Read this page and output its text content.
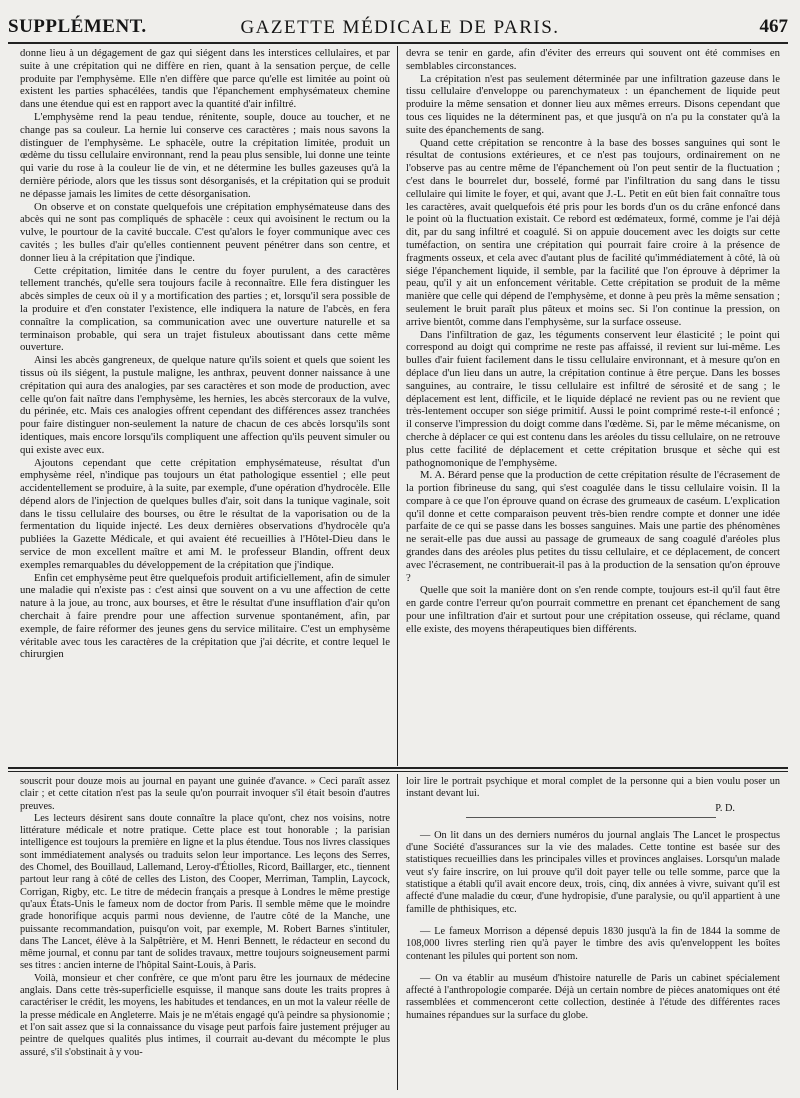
SUPPLÉMENT.	GAZETTE MÉDICALE DE PARIS.	467

donne lieu à un dégagement de gaz qui siégent dans les interstices cellulaires, et par suite à une crépitation qui ne diffère en rien, quant à la sensation perçue, de celle produite par l'emphysème. Elle n'en diffère que parce qu'elle est limitée au point où existent les parties sphacélées, tandis que l'épanchement emphysémateux chemine dans une étendue qui est en rapport avec la quantité d'air infiltré.

L'emphysème rend la peau tendue, rénitente, souple, douce au toucher, et ne change pas sa couleur. La hernie lui conserve ces caractères ; mais nous savons la distinguer de l'emphysème. Le sphacèle, outre la crépitation limitée, produit un œdème du tissu cellulaire environnant, rend la peau plus sensible, lui donne une teinte qui varie du rose à la couleur lie de vin, et ne détermine les bulles gazeuses qu'à la dernière période, alors que les tissus sont désorganisés, et la crépitation qui se produit ne dépasse jamais les limites de cette désorganisation.

On observe et on constate quelquefois une crépitation emphysémateuse dans des abcès qui ne sont pas compliqués de sphacèle : ceux qui avoisinent le rectum ou la vulve, le pourtour de la cavité buccale. C'est qu'alors le foyer communique avec ces cavités ; les bulles d'air qu'elles contiennent peuvent pénétrer dans son centre, et donner lieu à la crépitation que j'indique.

Cette crépitation, limitée dans le centre du foyer purulent, a des caractères tellement tranchés, qu'elle sera toujours facile à reconnaître. Elle fera distinguer les abcès simples de ceux où il y a mortification des parties ; et, lorsqu'il sera possible de la produire et d'en constater l'existence, elle indiquera la nature de l'abcès, en fera connaître la complication, sa communication avec une ouverture naturelle et sa terminaison probable, qui sera un trajet fistuleux aboutissant dans cette même ouverture.

Ainsi les abcès gangreneux, de quelque nature qu'ils soient et quels que soient les tissus où ils siégent, la pustule maligne, les anthrax, peuvent donner naissance à une crépitation qui aura des analogies, par ses caractères et son mode de production, avec celle qu'on fait naître dans l'emphysème, les hernies, les abcès stercoraux de la vulve, du périnée, etc. Mais ces analogies offrent cependant des différences assez tranchées pour faire distinguer non-seulement la nature de chacun de ces abcès lorsqu'ils sont identiques, mais encore lorsqu'ils compliquent une affection qu'ils peuvent simuler ou qui existe avec eux.

Ajoutons cependant que cette crépitation emphysémateuse, résultat d'un emphysème réel, n'indique pas toujours un état pathologique essentiel ; elle peut accidentellement se produire, à la suite, par exemple, d'une opération d'hydrocèle. Elle dépend alors de l'injection de quelques bulles d'air, soit dans la tunique vaginale, soit dans le tissu cellulaire des bourses, ou être le résultat de la vaporisation ou de la fermentation du liquide injecté. Les deux dernières observations d'hydrocèle qu'a publiées la Gazette Médicale, et qui avaient été recueillies à l'Hôtel-Dieu dans le service de mon excellent maître et ami M. le professeur Blandin, offrent deux exemples remarquables du développement de la crépitation que j'indique.

Enfin cet emphysème peut être quelquefois produit artificiellement, afin de simuler une maladie qui n'existe pas : c'est ainsi que souvent on a vu une affection de cette nature à la joue, au tronc, aux bourses, et être le résultat d'une insufflation d'air qu'on cherchait à faire prendre pour une affection survenue spontanément, afin, par exemple, de faire réformer des jeunes gens du service militaire. C'est un emphysème véritable avec tous les caractères de la crépitation que j'ai décrite, et contre lequel le chirurgien

devra se tenir en garde, afin d'éviter des erreurs qui souvent ont été commises en semblables circonstances.

La crépitation n'est pas seulement déterminée par une infiltration gazeuse dans le tissu cellulaire d'enveloppe ou parenchymateux : un épanchement de liquide peut produire la même sensation et donner lieu aux mêmes erreurs. Disons cependant que tous ces liquides ne la déterminent pas, et que jusqu'à on n'a pu la constater qu'à la suite des épanchements de sang.

Quand cette crépitation se rencontre à la base des bosses sanguines qui sont le résultat de contusions extérieures, et ce n'est pas toujours, ordinairement on ne l'observe pas au centre même de l'épanchement où l'on peut sentir de la fluctuation ; c'est dans le bourrelet dur, bosselé, formé par l'infiltration du sang dans le tissu cellulaire qui limite le foyer, et qui, avant que J.-L. Petit en eût bien fait connaître tous les caractères, avait quelquefois été pris pour les bords d'un os du crâne enfoncé dans le point où la fluctuation existait. Ce rebord est œdémateux, formé, comme je l'ai déjà dit, par du sang infiltré et coagulé. Si on appuie doucement avec les doigts sur cette tuméfaction, on sentira une crépitation qui pourrait faire croire à la présence de fragments osseux, et cela avec d'autant plus de facilité qu'immédiatement à côté, là où siége l'épanchement liquide, il semble, par la facilité que l'on éprouve à déprimer la peau, qu'il y ait un enfoncement véritable. Cette crépitation se produit de la même manière que celle qui dépend de l'emphysème, et donne à peu près la même sensation ; seulement le bruit paraît plus pâteux et moins sec. Si l'on continue la pression, on arrive bientôt, comme dans l'emphysème, sur la surface osseuse.

Dans l'infiltration de gaz, les téguments conservent leur élasticité ; le point qui correspond au doigt qui comprime ne reste pas affaissé, il revient sur lui-même. Les bulles d'air fuient facilement dans le tissu cellulaire environnant, et à mesure qu'on en déplace d'un lieu dans un autre, la crépitation continue à être perçue. Dans les bosses sanguines, au contraire, le tissu cellulaire est infiltré de sérosité et de sang ; le déplacement est lent, difficile, et le liquide déplacé ne revient pas ou ne revient que très-lentement occuper son siége primitif. Aussi le point comprimé reste-t-il enfoncé ; il conserve l'impression du doigt comme dans l'œdème. Si, par le même mécanisme, on cherche à déplacer ce qui est contenu dans les aréoles du tissu cellulaire, on ne retrouve plus cette facilité de déplacement et cette crépitation brusque et sèche qui est pathognomonique de l'emphysème.

M. A. Bérard pense que la production de cette crépitation résulte de l'écrasement de la portion fibrineuse du sang, qui s'est coagulée dans le tissu cellulaire voisin. Il la compare à ce que l'on éprouve quand on écrase des grumeaux de caséum. L'explication qu'il donne et cette comparaison peuvent très-bien rendre compte et donner une idée parfaite de ce qui se passe dans les bosses sanguines. Mais une partie des phénomènes ne serait-elle pas due aussi au passage de grumeaux de sang coagulé d'aréoles plus grandes dans des aréoles plus petites du tissu cellulaire, et ce déplacement, de concert avec l'écrasement, ne contribuerait-il pas à la production de la sensation qu'on éprouve ?

Quelle que soit la manière dont on s'en rende compte, toujours est-il qu'il faut être en garde contre l'erreur qu'on pourrait commettre en prenant cet épanchement de sang pour une infiltration d'air et surtout pour une crépitation osseuse, qui réclame, quand elle existe, des moyens thérapeutiques bien différents.

souscrit pour douze mois au journal en payant une guinée d'avance. » Ceci paraît assez clair ; et cette citation n'est pas la seule qu'on pourrait invoquer s'il était besoin d'autres preuves.

Les lecteurs désirent sans doute connaître la place qu'ont, chez nos voisins, notre littérature médicale et notre pratique. Cette place est tout honorable ; la parisian intelligence est toujours la première en ligne et la plus étendue. Tous nos livres classiques sont immédiatement analysés ou traduits selon leur importance. Les leçons des Serres, des Chomel, des Bouillaud, Lallemand, Leroy-d'Étiolles, Ricord, Baillarger, etc., tiennent partout leur rang à côté de celles des Liston, des Cooper, Merriman, Tamplin, Laycock, Corrigan, Rigby, etc. Le titre de médecin français a presque à Londres le même prestige qu'aux États-Unis le fameux nom de doctor from Paris. Il semble même que le moindre grade honorifique acquis parmi nous devienne, de l'autre côté de la Manche, une puissante recommandation, puisqu'on voit, par exemple, M. Robert Barnes s'intituler, dans The Lancet, élève à la Salpêtrière, et M. Henri Bennett, le rédacteur en second du même journal, et connu par tant de solides travaux, mettre toujours soigneusement parmi ses titres : ancien interne de l'hôpital Saint-Louis, à Paris.

Voilà, monsieur et cher confrère, ce que m'ont paru être les journaux de médecine anglais. Dans cette très-superficielle esquisse, il manque sans doute les traits propres à caractériser le crédit, les moyens, les habitudes et tendances, en un mot la valeur réelle de la presse médicale en Angleterre. Mais je ne m'étais engagé qu'à peindre sa physionomie ; et l'on sait assez que si la connaissance du visage peut parfois faire justement préjuger au peintre de quelques qualités plus intimes, il courrait au-devant du mécompte le plus assuré, s'il s'obstinait à y vou-

loir lire le portrait psychique et moral complet de la personne qui a bien voulu poser un instant devant lui.

P. D.

— On lit dans un des derniers numéros du journal anglais The Lancet le prospectus d'une Société d'assurances sur la vie des malades. Cette tontine est basée sur des statistiques recueillies dans les principales villes et provinces anglaises. Lorsqu'un malade veut s'y faire inscrire, on lui prouve qu'il doit payer telle ou telle somme, parce que la statistique a établi qu'il avait encore deux, trois, cinq, dix années à vivre, suivant qu'il est affecté d'une maladie du cœur, d'une hydropisie, d'une paralysie, ou qu'il appartient à une famille de phthisiques, etc.

— Le fameux Morrison a dépensé depuis 1830 jusqu'à la fin de 1844 la somme de 108,000 livres sterling rien qu'à payer le timbre des avis qu'enveloppent les boîtes contenant les pilules qui portent son nom.

— On va établir au muséum d'histoire naturelle de Paris un cabinet spécialement affecté à l'anthropologie comparée. Déjà un certain nombre de pièces anatomiques ont été rassemblées et commenceront cette collection, destinée à l'étude des différentes races humaines répandues sur la surface du globe.
